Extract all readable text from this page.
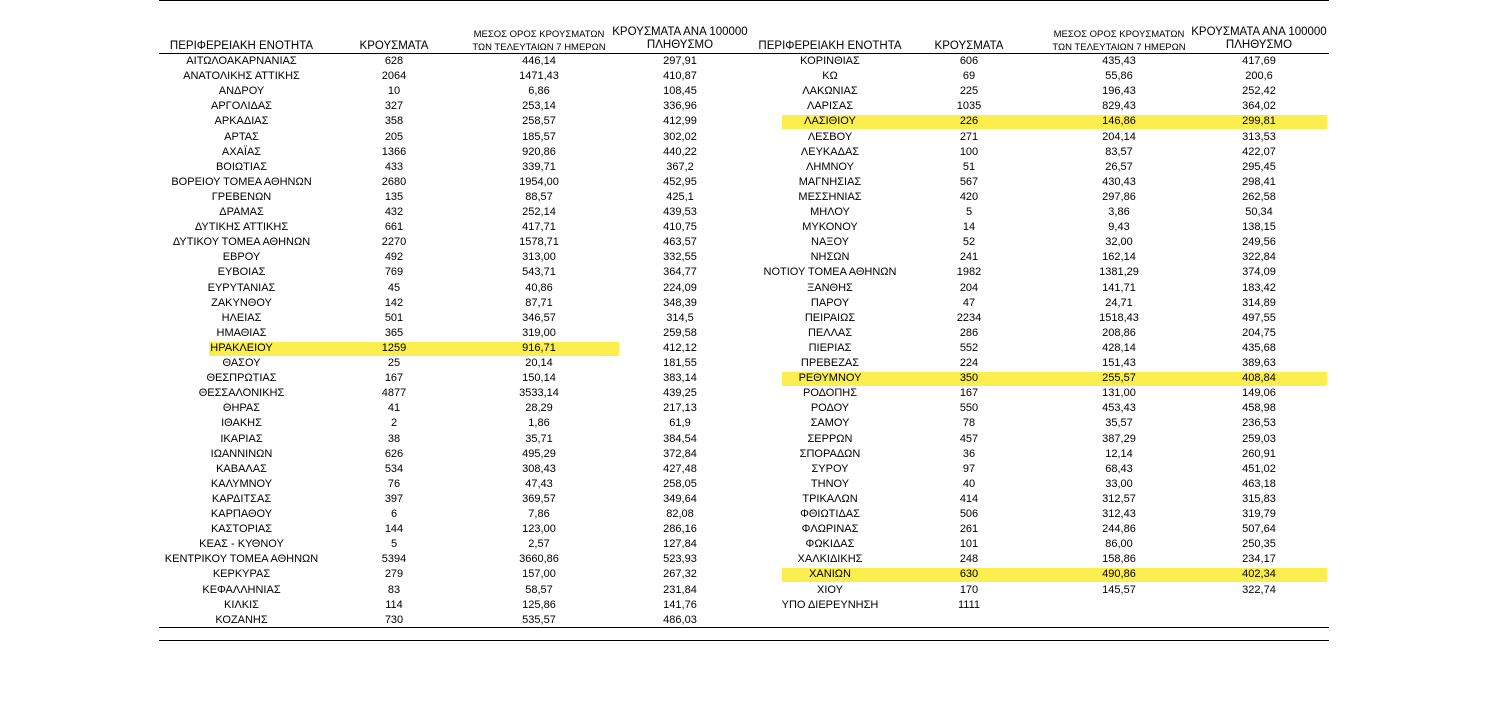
ΠΕΡΙΦΕΡΕΙΑΚΗ ΕΝΟΤΗΤΑ	ΚΡΟΥΣΜΑΤΑ
ΜΕΣΟΣ ΟΡΟΣ ΚΡΟΥΣΜΑΤΩΝ
ΤΩΝ ΤΕΛΕΥΤΑΙΩΝ 7 ΗΜΕΡΩΝ
ΚΡΟΥΣΜΑΤΑ ΑΝΑ 100000
ΠΛΗΘΥΣΜΟ	ΠΕΡΙΦΕΡΕΙΑΚΗ ΕΝΟΤΗΤΑ	ΚΡΟΥΣΜΑΤΑ
ΜΕΣΟΣ ΟΡΟΣ ΚΡΟΥΣΜΑΤΩΝ
ΤΩΝ ΤΕΛΕΥΤΑΙΩΝ 7 ΗΜΕΡΩΝ
ΚΡΟΥΣΜΑΤΑ ΑΝΑ 100000
ΠΛΗΘΥΣΜΟ
ΑΙΤΩΛΟΑΚΑΡΝΑΝΙΑΣ	628	446,14	297,91
ΑΝΑΤΟΛΙΚΗΣ ΑΤΤΙΚΗΣ	2064	1471,43	410,87
ΑΝΔΡΟΥ	10	6,86	108,45
ΑΡΓΟΛΙΔΑΣ	327	253,14	336,96
ΑΡΚΑΔΙΑΣ	358	258,57	412,99
ΑΡΤΑΣ	205	185,57	302,02
ΑΧΑΪΑΣ	1366	920,86	440,22
ΒΟΙΩΤΙΑΣ	433	339,71	367,2
ΒΟΡΕΙΟΥ ΤΟΜΕΑ ΑΘΗΝΩΝ	2680	1954,00	452,95
ΓΡΕΒΕΝΩΝ	135	88,57	425,1
ΔΡΑΜΑΣ	432	252,14	439,53
ΔΥΤΙΚΗΣ ΑΤΤΙΚΗΣ	661	417,71	410,75
ΔΥΤΙΚΟΥ ΤΟΜΕΑ ΑΘΗΝΩΝ	2270	1578,71	463,57
ΕΒΡΟΥ	492	313,00	332,55
ΕΥΒΟΙΑΣ	769	543,71	364,77
ΕΥΡΥΤΑΝΙΑΣ	45	40,86	224,09
ΖΑΚΥΝΘΟΥ	142	87,71	348,39
ΗΛΕΙΑΣ	501	346,57	314,5
ΗΜΑΘΙΑΣ	365	319,00	259,58
ΗΡΑΚΛΕΙΟΥ	1259	916,71	412,12
ΘΑΣΟΥ	25	20,14	181,55
ΘΕΣΠΡΩΤΙΑΣ	167	150,14	383,14
ΘΕΣΣΑΛΟΝΙΚΗΣ	4877	3533,14	439,25
ΘΗΡΑΣ	41	28,29	217,13
ΙΘΑΚΗΣ	2	1,86	61,9
ΙΚΑΡΙΑΣ	38	35,71	384,54
ΙΩΑΝΝΙΝΩΝ	626	495,29	372,84
ΚΑΒΑΛΑΣ	534	308,43	427,48
ΚΑΛΥΜΝΟΥ	76	47,43	258,05
ΚΑΡΔΙΤΣΑΣ	397	369,57	349,64
ΚΑΡΠΑΘΟΥ	6	7,86	82,08
ΚΑΣΤΟΡΙΑΣ	144	123,00	286,16
ΚΕΑΣ - ΚΥΘΝΟΥ	5	2,57	127,84
ΚΕΝΤΡΙΚΟΥ ΤΟΜΕΑ ΑΘΗΝΩΝ	5394	3660,86	523,93
ΚΕΡΚΥΡΑΣ	279	157,00	267,32
ΚΕΦΑΛΛΗΝΙΑΣ	83	58,57	231,84
ΚΙΛΚΙΣ	114	125,86	141,76
ΚΟΖΑΝΗΣ	730	535,57	486,03
ΚΟΡΙΝΘΙΑΣ	606	435,43	417,69
ΚΩ	69	55,86	200,6
ΛΑΚΩΝΙΑΣ	225	196,43	252,42
ΛΑΡΙΣΑΣ	1035	829,43	364,02
ΛΑΣΙΘΙΟΥ	226	146,86	299,81
ΛΕΣΒΟΥ	271	204,14	313,53
ΛΕΥΚΑΔΑΣ	100	83,57	422,07
ΛΗΜΝΟΥ	51	26,57	295,45
ΜΑΓΝΗΣΙΑΣ	567	430,43	298,41
ΜΕΣΣΗΝΙΑΣ	420	297,86	262,58
ΜΗΛΟΥ	5	3,86	50,34
ΜΥΚΟΝΟΥ	14	9,43	138,15
ΝΑΞΟΥ	52	32,00	249,56
ΝΗΣΩΝ	241	162,14	322,84
ΝΟΤΙΟΥ ΤΟΜΕΑ ΑΘΗΝΩΝ	1982	1381,29	374,09
ΞΑΝΘΗΣ	204	141,71	183,42
ΠΑΡΟΥ	47	24,71	314,89
ΠΕΙΡΑΙΩΣ	2234	1518,43	497,55
ΠΕΛΛΑΣ	286	208,86	204,75
ΠΙΕΡΙΑΣ	552	428,14	435,68
ΠΡΕΒΕΖΑΣ	224	151,43	389,63
ΡΕΘΥΜΝΟΥ	350	255,57	408,84
ΡΟΔΟΠΗΣ	167	131,00	149,06
ΡΟΔΟΥ	550	453,43	458,98
ΣΑΜΟΥ	78	35,57	236,53
ΣΕΡΡΩΝ	457	387,29	259,03
ΣΠΟΡΑΔΩΝ	36	12,14	260,91
ΣΥΡΟΥ	97	68,43	451,02
ΤΗΝΟΥ	40	33,00	463,18
ΤΡΙΚΑΛΩΝ	414	312,57	315,83
ΦΘΙΩΤΙΔΑΣ	506	312,43	319,79
ΦΛΩΡΙΝΑΣ	261	244,86	507,64
ΦΩΚΙΔΑΣ	101	86,00	250,35
ΧΑΛΚΙΔΙΚΗΣ	248	158,86	234,17
ΧΑΝΙΩΝ	630	490,86	402,34
ΧΙΟΥ	170	145,57	322,74
ΥΠΟ ΔΙΕΡΕΥΝΗΣΗ	1111
